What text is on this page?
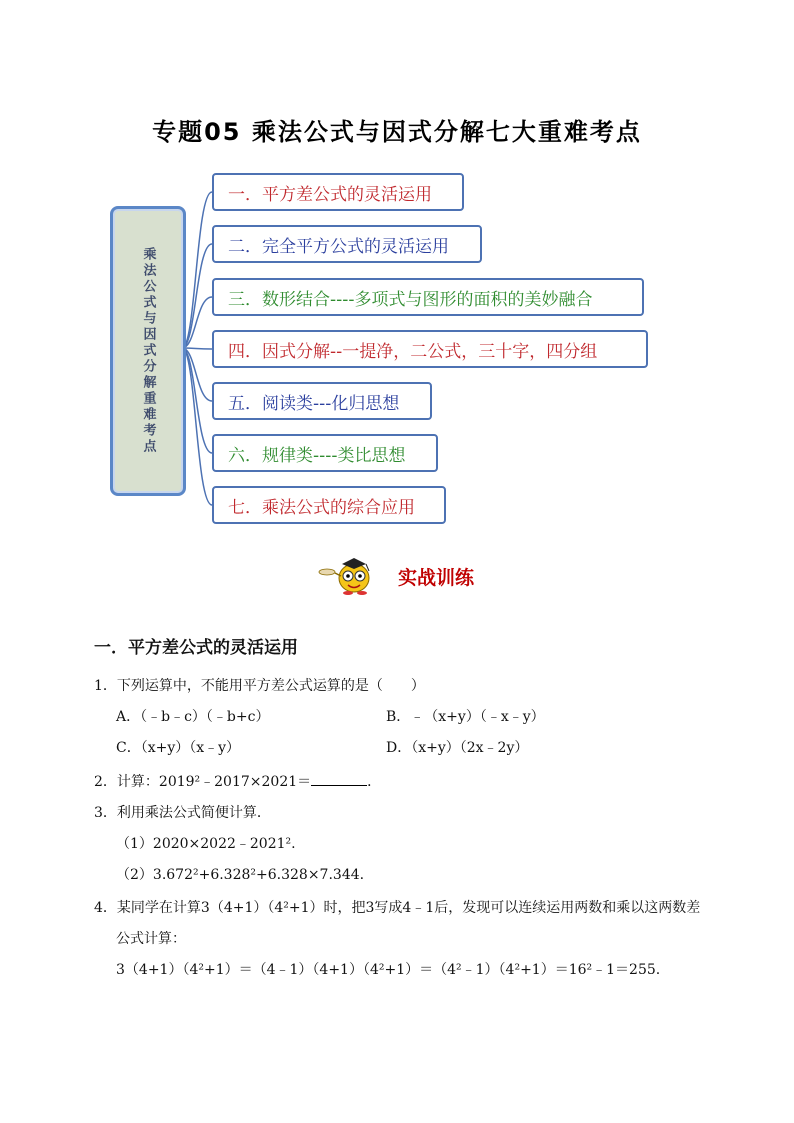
专题05 乘法公式与因式分解七大重难考点
乘法公式与因式分解重难考点
一．平方差公式的灵活运用
二．完全平方公式的灵活运用
三．数形结合----多项式与图形的面积的美妙融合
四．因式分解--一提净，二公式，三十字，四分组
五．阅读类---化归思想
六．规律类----类比思想
七．乘法公式的综合应用
实战训练
一．平方差公式的灵活运用
1．下列运算中，不能用平方差公式运算的是（　　）
A．（﹣b﹣c）（﹣b+c）	B．﹣（x+y）（﹣x﹣y）
C．（x+y）（x﹣y）	D．（x+y）（2x﹣2y）
2．计算：2019²﹣2017×2021＝	．
3．利用乘法公式简便计算．
（1）2020×2022﹣2021².
（2）3.672²+6.328²+6.328×7.344.
4．某同学在计算3（4+1）（4²+1）时，把3写成4﹣1后，发现可以连续运用两数和乘以这两数差
公式计算：
3（4+1）（4²+1）＝（4﹣1）（4+1）（4²+1）＝（4²﹣1）（4²+1）＝16²﹣1＝255.
